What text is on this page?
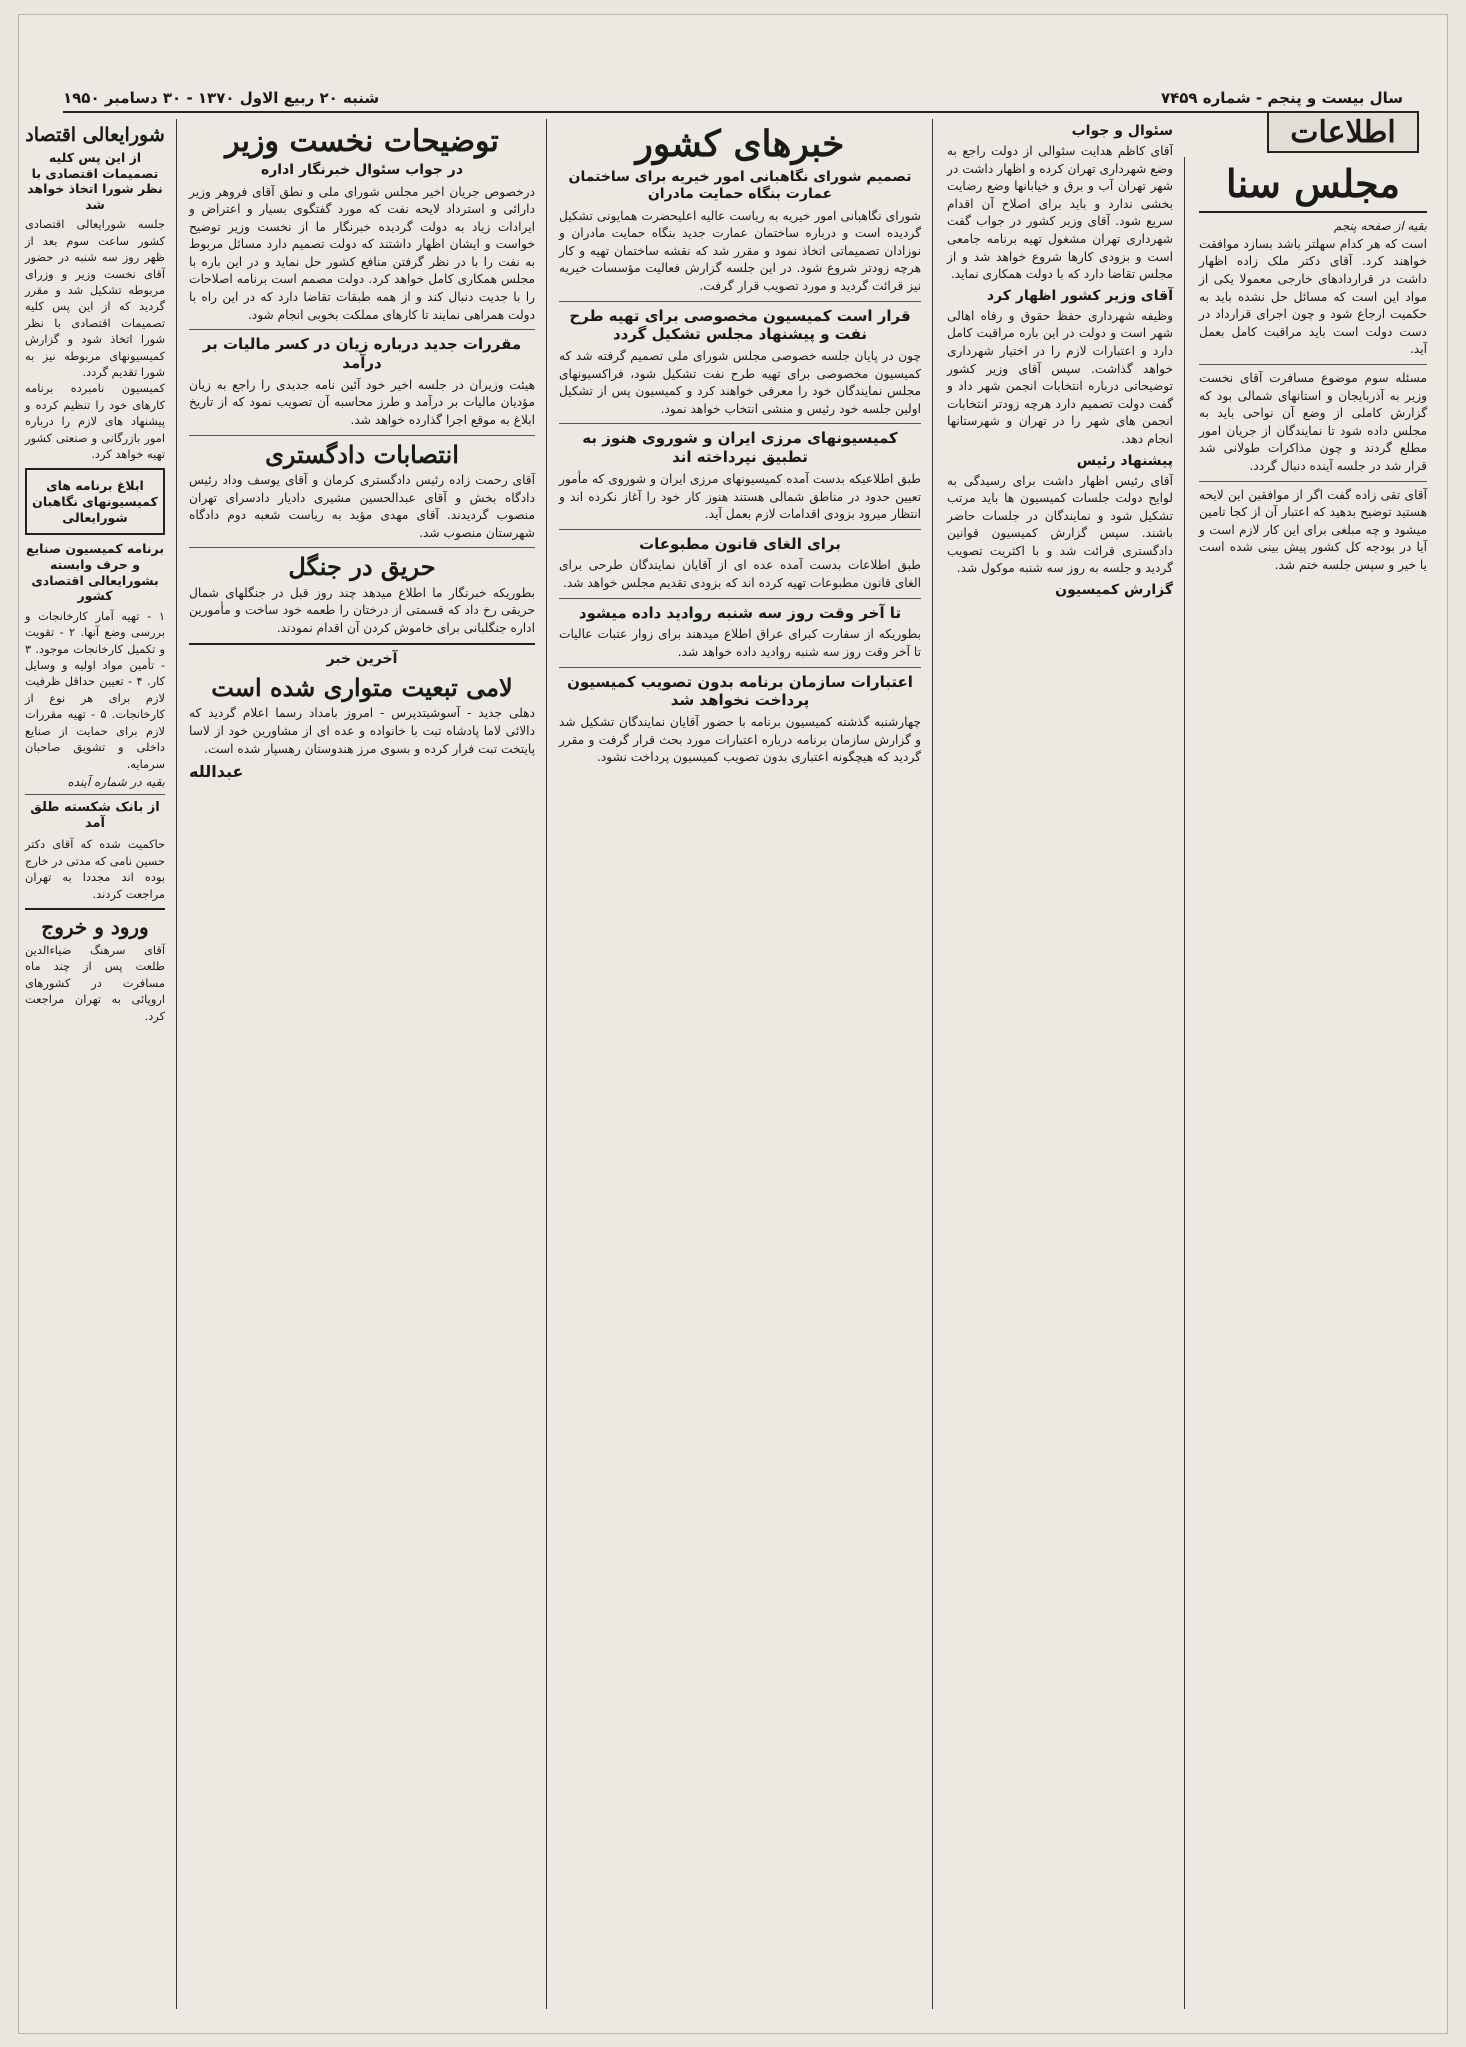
سال بیست و پنجم - شماره ۷۴۵۹
شنبه ۲۰ ربیع الاول ۱۳۷۰ - ۳۰ دسامبر ۱۹۵۰
اطلاعات
مجلس سنا
بقیه از صفحه پنجم

است که هر کدام سهلتر باشد بسازد موافقت خواهند کرد. آقای دکتر ملک زاده اظهار داشت در قراردادهای خارجی معمولا یکی از مواد این است که مسائل حل نشده باید به حکمیت ارجاع شود و چون اجرای قرارداد در دست دولت است باید مراقبت کامل بعمل آید.

مسئله سوم موضوع مسافرت آقای نخست وزیر به آذربایجان و استانهای شمالی بود که گزارش کاملی از وضع آن نواحی باید به مجلس داده شود تا نمایندگان از جریان امور مطلع گردند و چون مذاکرات طولانی شد قرار شد در جلسه آینده دنبال گردد.

آقای تقی زاده گفت اگر از موافقین این لایحه هستید توضیح بدهید که اعتبار آن از کجا تامین میشود و چه مبلغی برای این کار لازم است و آیا در بودجه کل کشور پیش بینی شده است یا خیر و سپس جلسه ختم شد.

سئوال و جواب

آقای کاظم هدایت سئوالی از دولت راجع به وضع شهرداری تهران کرده و اظهار داشت در شهر تهران آب و برق و خیابانها وضع رضایت بخشی ندارد و باید برای اصلاح آن اقدام سریع شود. آقای وزیر کشور در جواب گفت شهرداری تهران مشغول تهیه برنامه جامعی است و بزودی کارها شروع خواهد شد و از مجلس تقاضا دارد که با دولت همکاری نماید.

آقای وزیر کشور اظهار کرد

وظیفه شهرداری حفظ حقوق و رفاه اهالی شهر است و دولت در این باره مراقبت کامل دارد و اعتبارات لازم را در اختیار شهرداری خواهد گذاشت. سپس آقای وزیر کشور توضیحاتی درباره انتخابات انجمن شهر داد و گفت دولت تصمیم دارد هرچه زودتر انتخابات انجمن های شهر را در تهران و شهرستانها انجام دهد.

پیشنهاد رئیس

آقای رئیس اظهار داشت برای رسیدگی به لوایح دولت جلسات کمیسیون ها باید مرتب تشکیل شود و نمایندگان در جلسات حاضر باشند. سپس گزارش کمیسیون قوانین دادگستری قرائت شد و با اکثریت تصویب گردید و جلسه به روز سه شنبه موکول شد.

گزارش کمیسیون
خبرهای کشور
تصمیم شورای نگاهبانی امور خیریه برای ساختمان عمارت بنگاه حمایت مادران

شورای نگاهبانی امور خیریه به ریاست عالیه اعلیحضرت همایونی تشکیل گردیده است و درباره ساختمان عمارت جدید بنگاه حمایت مادران و نوزادان تصمیماتی اتخاذ نمود و مقرر شد که نقشه ساختمان تهیه و کار هرچه زودتر شروع شود. در این جلسه گزارش فعالیت مؤسسات خیریه نیز قرائت گردید و مورد تصویب قرار گرفت.

قرار است کمیسیون مخصوصی برای تهیه طرح نفت و پیشنهاد مجلس تشکیل گردد

چون در پایان جلسه خصوصی مجلس شورای ملی تصمیم گرفته شد که کمیسیون مخصوصی برای تهیه طرح نفت تشکیل شود، فراکسیونهای مجلس نمایندگان خود را معرفی خواهند کرد و کمیسیون پس از تشکیل اولین جلسه خود رئیس و منشی انتخاب خواهد نمود.

کمیسیونهای مرزی ایران و شوروی هنوز به تطبیق نپرداخته اند

طبق اطلاعیکه بدست آمده کمیسیونهای مرزی ایران و شوروی که مأمور تعیین حدود در مناطق شمالی هستند هنوز کار خود را آغاز نکرده اند و انتظار میرود بزودی اقدامات لازم بعمل آید.

برای الغای قانون مطبوعات

طبق اطلاعات بدست آمده عده ای از آقایان نمایندگان طرحی برای الغای قانون مطبوعات تهیه کرده اند که بزودی تقدیم مجلس خواهد شد.

تا آخر وقت روز سه شنبه رواديد داده میشود

بطوریکه از سفارت کبرای عراق اطلاع میدهند برای زوار عتبات عالیات تا آخر وقت روز سه شنبه رواديد داده خواهد شد.

اعتبارات سازمان برنامه بدون تصویب کمیسیون پرداخت نخواهد شد

چهارشنبه گذشته کمیسیون برنامه با حضور آقایان نمایندگان تشکیل شد و گزارش سازمان برنامه درباره اعتبارات مورد بحث قرار گرفت و مقرر گردید که هیچگونه اعتباری بدون تصویب کمیسیون پرداخت نشود.

توضیحات نخست وزیر
در جواب سئوال خبرنگار اداره

درخصوص جریان اخیر مجلس شورای ملی و نطق آقای فروهر وزیر دارائی و استرداد لایحه نفت که مورد گفتگوی بسیار و اعتراض و ایرادات زیاد به دولت گردیده خبرنگار ما از نخست وزیر توضیح خواست و ایشان اظهار داشتند که دولت تصمیم دارد مسائل مربوط به نفت را با در نظر گرفتن منافع کشور حل نماید و در این باره با مجلس همکاری کامل خواهد کرد. دولت مصمم است برنامه اصلاحات را با جدیت دنبال کند و از همه طبقات تقاضا دارد که در این راه با دولت همراهی نمایند تا کارهای مملکت بخوبی انجام شود.

مقررات جدید درباره زیان در کسر مالیات بر درآمد

هیئت وزیران در جلسه اخیر خود آئین نامه جدیدی را راجع به زیان مؤدیان مالیات بر درآمد و طرز محاسبه آن تصویب نمود که از تاریخ ابلاغ به موقع اجرا گذارده خواهد شد.

انتصابات دادگستری

آقای رحمت زاده رئیس دادگستری کرمان و آقای یوسف وداد رئیس دادگاه بخش و آقای عبدالحسین مشیری دادیار دادسرای تهران منصوب گردیدند. آقای مهدی مؤید به ریاست شعبه دوم دادگاه شهرستان منصوب شد.

حریق در جنگل

بطوریکه خبرنگار ما اطلاع میدهد چند روز قبل در جنگلهای شمال حریقی رخ داد که قسمتی از درختان را طعمه خود ساخت و مأمورین اداره جنگلبانی برای خاموش کردن آن اقدام نمودند.

آخرین خبر
لامی تبعیت متواری شده است

دهلی جدید - آسوشیتدپرس - امروز بامداد رسما اعلام گردید که دالائی لاما پادشاه تبت با خانواده و عده ای از مشاورین خود از لاسا پایتخت تبت فرار کرده و بسوی مرز هندوستان رهسپار شده است.

عبدالله
شورایعالی اقتصاد
از این پس کلیه تصمیمات اقتصادی با نظر شورا اتخاذ خواهد شد

جلسه شورایعالی اقتصادی کشور ساعت سوم بعد از ظهر روز سه شنبه در حضور آقای نخست وزیر و وزرای مربوطه تشکیل شد و مقرر گردید که از این پس کلیه تصمیمات اقتصادی با نظر شورا اتخاذ شود و گزارش کمیسیونهای مربوطه نیز به شورا تقدیم گردد.

کمیسیون نامبرده برنامه کارهای خود را تنظیم کرده و پیشنهاد های لازم را درباره امور بازرگانی و صنعتی کشور تهیه خواهد کرد.

ابلاغ برنامه های کمیسیونهای نگاهبان شورایعالی
برنامه کمیسیون صنایع و حرف وابسته بشورایعالی اقتصادی کشور

۱ - تهیه آمار کارخانجات و بررسی وضع آنها. ۲ - تقویت و تکمیل کارخانجات موجود. ۳ - تأمین مواد اولیه و وسایل کار. ۴ - تعیین حداقل ظرفیت لازم برای هر نوع از کارخانجات. ۵ - تهیه مقررات لازم برای حمایت از صنایع داخلی و تشویق صاحبان سرمایه.

بقیه در شماره آینده
از بانک شکسته طلق آمد

حاکمیت شده که آقای دکتر حسین نامی که مدتی در خارج بوده اند مجددا به تهران مراجعت کردند.

ورود و خروج

آقای سرهنگ ضیاءالدین طلعت پس از چند ماه مسافرت در کشورهای اروپائی به تهران مراجعت کرد.
